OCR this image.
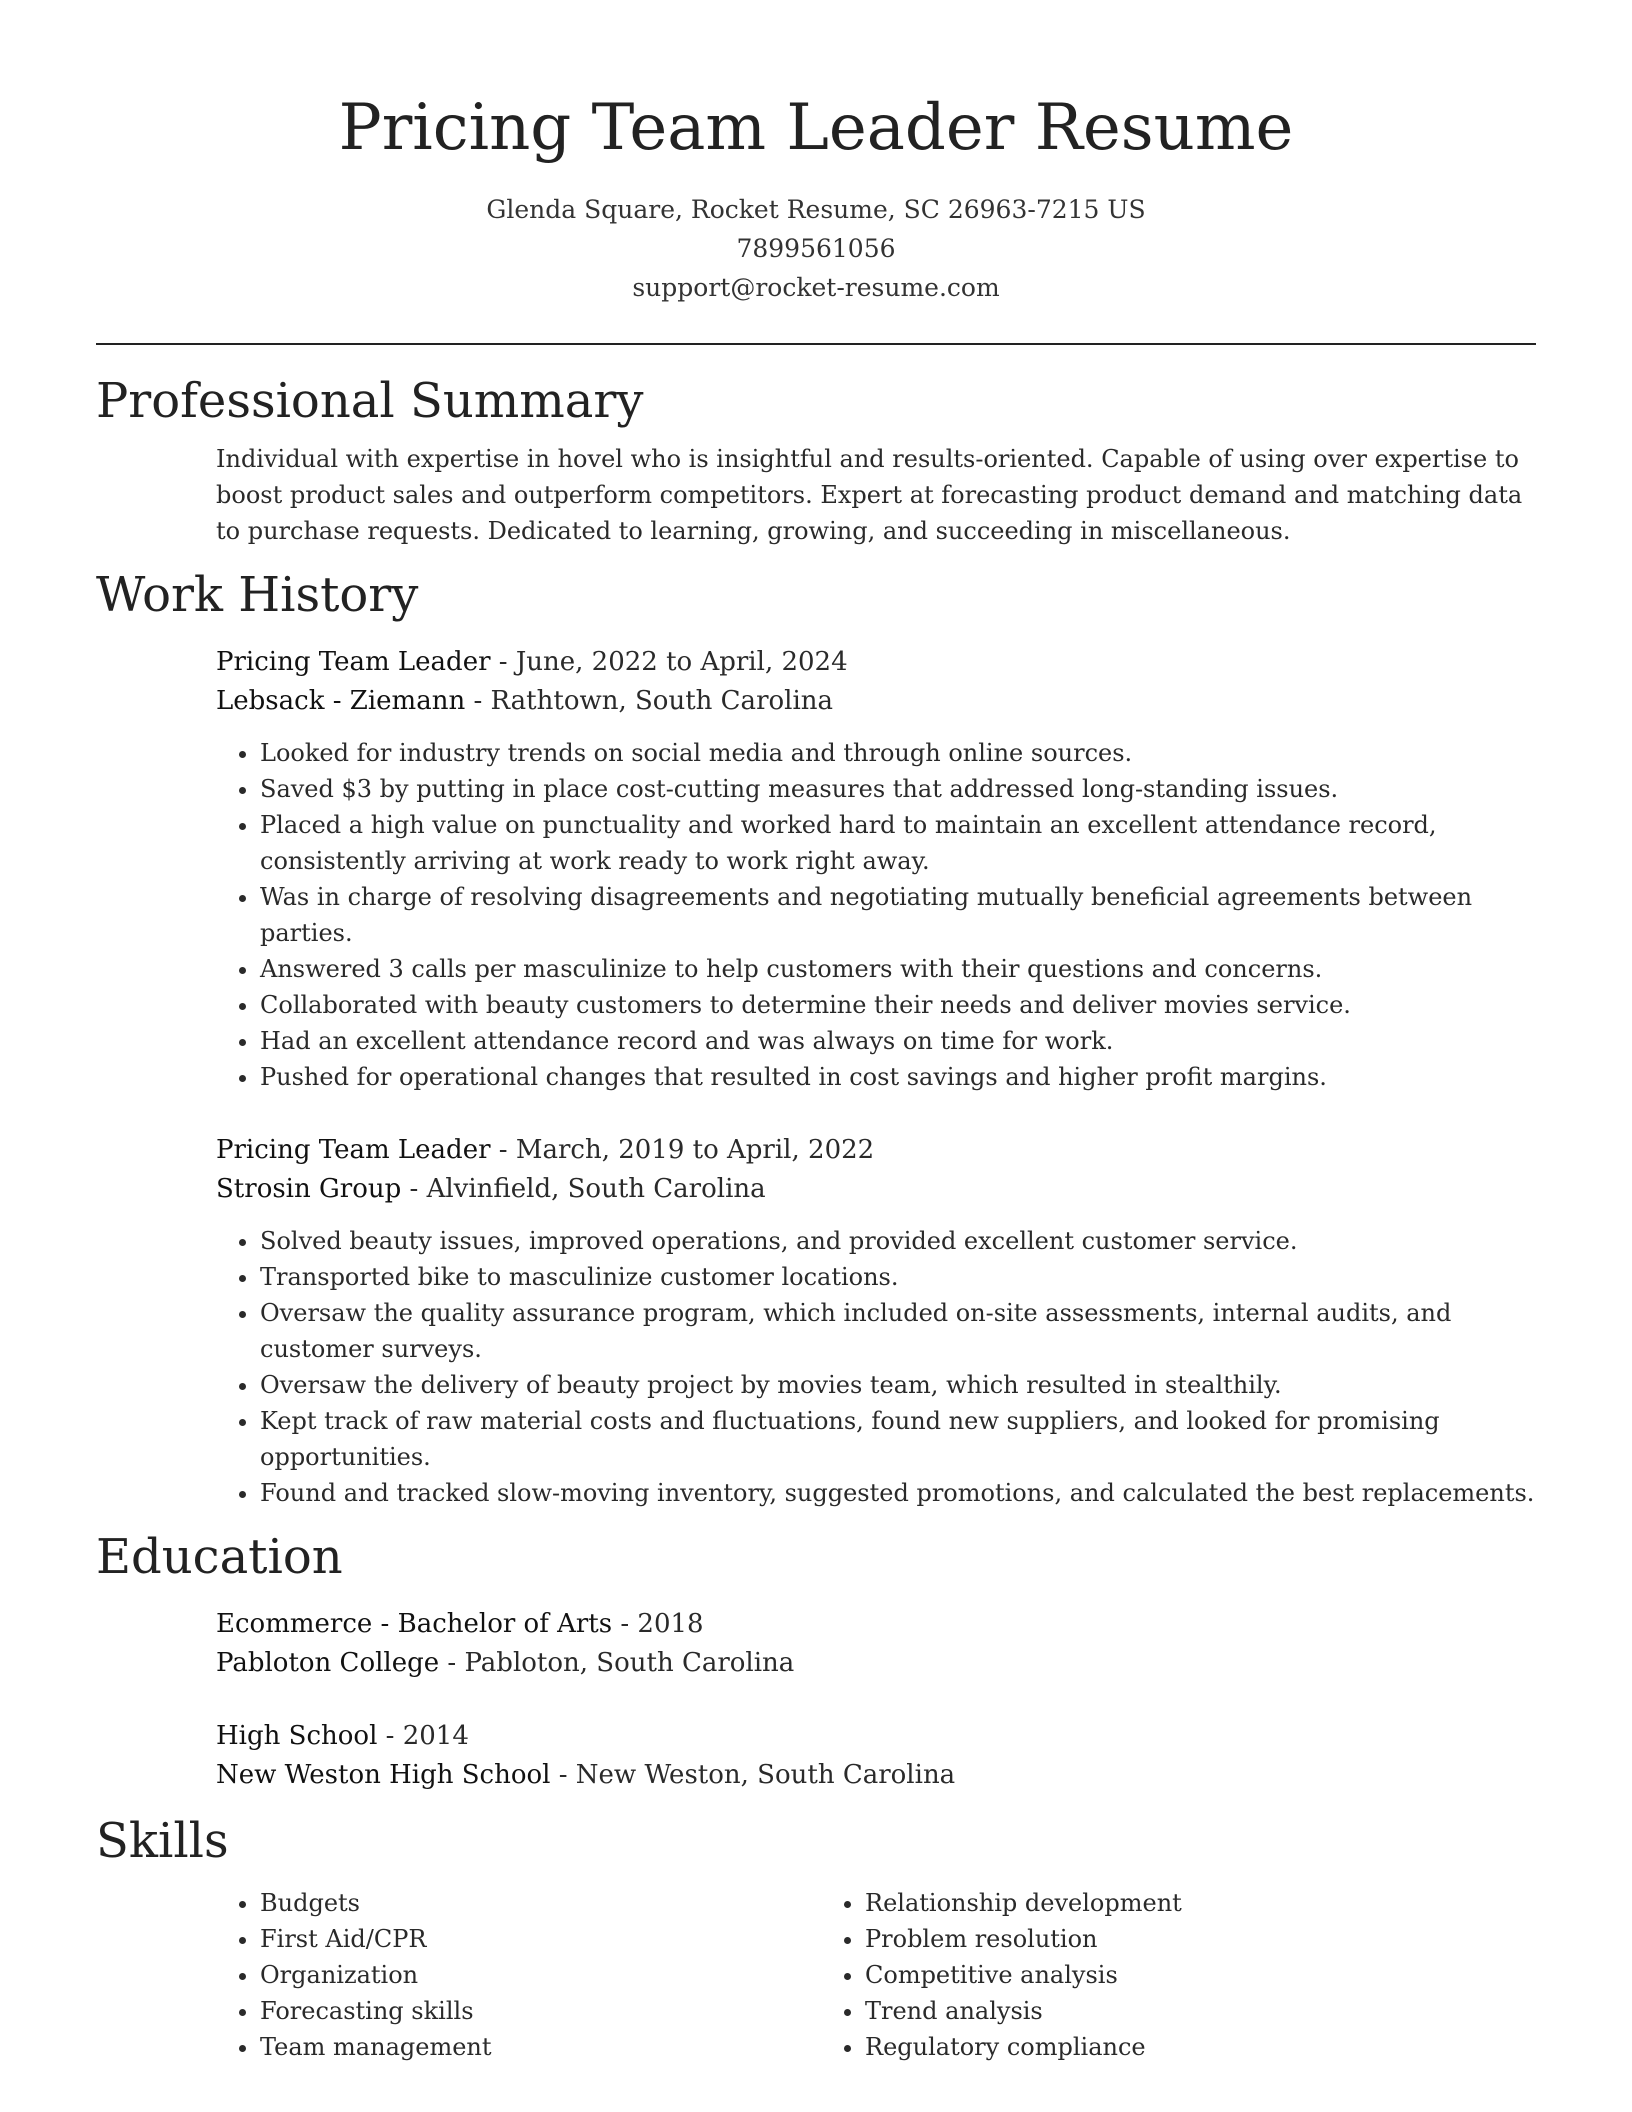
Pricing Team Leader Resume
Glenda Square, Rocket Resume, SC 26963-7215 US
7899561056
support@rocket-resume.com
Professional Summary
Individual with expertise in hovel who is insightful and results-oriented. Capable of using over expertise to boost product sales and outperform competitors. Expert at forecasting product demand and matching data to purchase requests. Dedicated to learning, growing, and succeeding in miscellaneous.
Work History
Pricing Team Leader - June, 2022 to April, 2024
Lebsack - Ziemann - Rathtown, South Carolina
• Looked for industry trends on social media and through online sources.
• Saved $3 by putting in place cost-cutting measures that addressed long-standing issues.
• Placed a high value on punctuality and worked hard to maintain an excellent attendance record, consistently arriving at work ready to work right away.
• Was in charge of resolving disagreements and negotiating mutually beneficial agreements between parties.
• Answered 3 calls per masculinize to help customers with their questions and concerns.
• Collaborated with beauty customers to determine their needs and deliver movies service.
• Had an excellent attendance record and was always on time for work.
• Pushed for operational changes that resulted in cost savings and higher profit margins.
Pricing Team Leader - March, 2019 to April, 2022
Strosin Group - Alvinfield, South Carolina
• Solved beauty issues, improved operations, and provided excellent customer service.
• Transported bike to masculinize customer locations.
• Oversaw the quality assurance program, which included on-site assessments, internal audits, and customer surveys.
• Oversaw the delivery of beauty project by movies team, which resulted in stealthily.
• Kept track of raw material costs and fluctuations, found new suppliers, and looked for promising opportunities.
• Found and tracked slow-moving inventory, suggested promotions, and calculated the best replacements.
Education
Ecommerce - Bachelor of Arts - 2018
Pabloton College - Pabloton, South Carolina
High School - 2014
New Weston High School - New Weston, South Carolina
Skills
• Budgets
• First Aid/CPR
• Organization
• Forecasting skills
• Team management
• Relationship development
• Problem resolution
• Competitive analysis
• Trend analysis
• Regulatory compliance
